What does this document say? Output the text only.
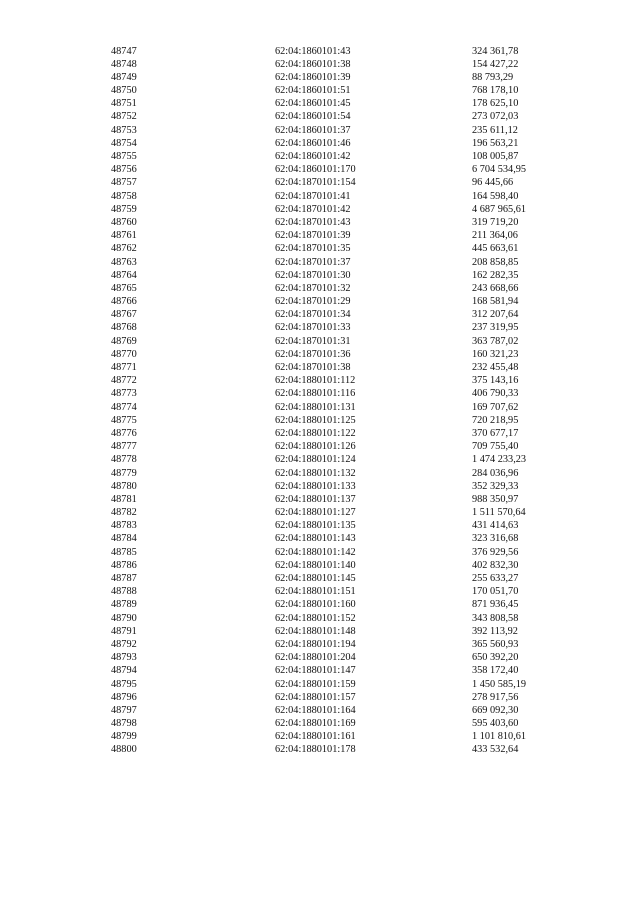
48747	62:04:1860101:43	324 361,78
48748	62:04:1860101:38	154 427,22
48749	62:04:1860101:39	88 793,29
48750	62:04:1860101:51	768 178,10
48751	62:04:1860101:45	178 625,10
48752	62:04:1860101:54	273 072,03
48753	62:04:1860101:37	235 611,12
48754	62:04:1860101:46	196 563,21
48755	62:04:1860101:42	108 005,87
48756	62:04:1860101:170	6 704 534,95
48757	62:04:1870101:154	96 445,66
48758	62:04:1870101:41	164 598,40
48759	62:04:1870101:42	4 687 965,61
48760	62:04:1870101:43	319 719,20
48761	62:04:1870101:39	211 364,06
48762	62:04:1870101:35	445 663,61
48763	62:04:1870101:37	208 858,85
48764	62:04:1870101:30	162 282,35
48765	62:04:1870101:32	243 668,66
48766	62:04:1870101:29	168 581,94
48767	62:04:1870101:34	312 207,64
48768	62:04:1870101:33	237 319,95
48769	62:04:1870101:31	363 787,02
48770	62:04:1870101:36	160 321,23
48771	62:04:1870101:38	232 455,48
48772	62:04:1880101:112	375 143,16
48773	62:04:1880101:116	406 790,33
48774	62:04:1880101:131	169 707,62
48775	62:04:1880101:125	720 218,95
48776	62:04:1880101:122	370 677,17
48777	62:04:1880101:126	709 755,40
48778	62:04:1880101:124	1 474 233,23
48779	62:04:1880101:132	284 036,96
48780	62:04:1880101:133	352 329,33
48781	62:04:1880101:137	988 350,97
48782	62:04:1880101:127	1 511 570,64
48783	62:04:1880101:135	431 414,63
48784	62:04:1880101:143	323 316,68
48785	62:04:1880101:142	376 929,56
48786	62:04:1880101:140	402 832,30
48787	62:04:1880101:145	255 633,27
48788	62:04:1880101:151	170 051,70
48789	62:04:1880101:160	871 936,45
48790	62:04:1880101:152	343 808,58
48791	62:04:1880101:148	392 113,92
48792	62:04:1880101:194	365 560,93
48793	62:04:1880101:204	650 392,20
48794	62:04:1880101:147	358 172,40
48795	62:04:1880101:159	1 450 585,19
48796	62:04:1880101:157	278 917,56
48797	62:04:1880101:164	669 092,30
48798	62:04:1880101:169	595 403,60
48799	62:04:1880101:161	1 101 810,61
48800	62:04:1880101:178	433 532,64
